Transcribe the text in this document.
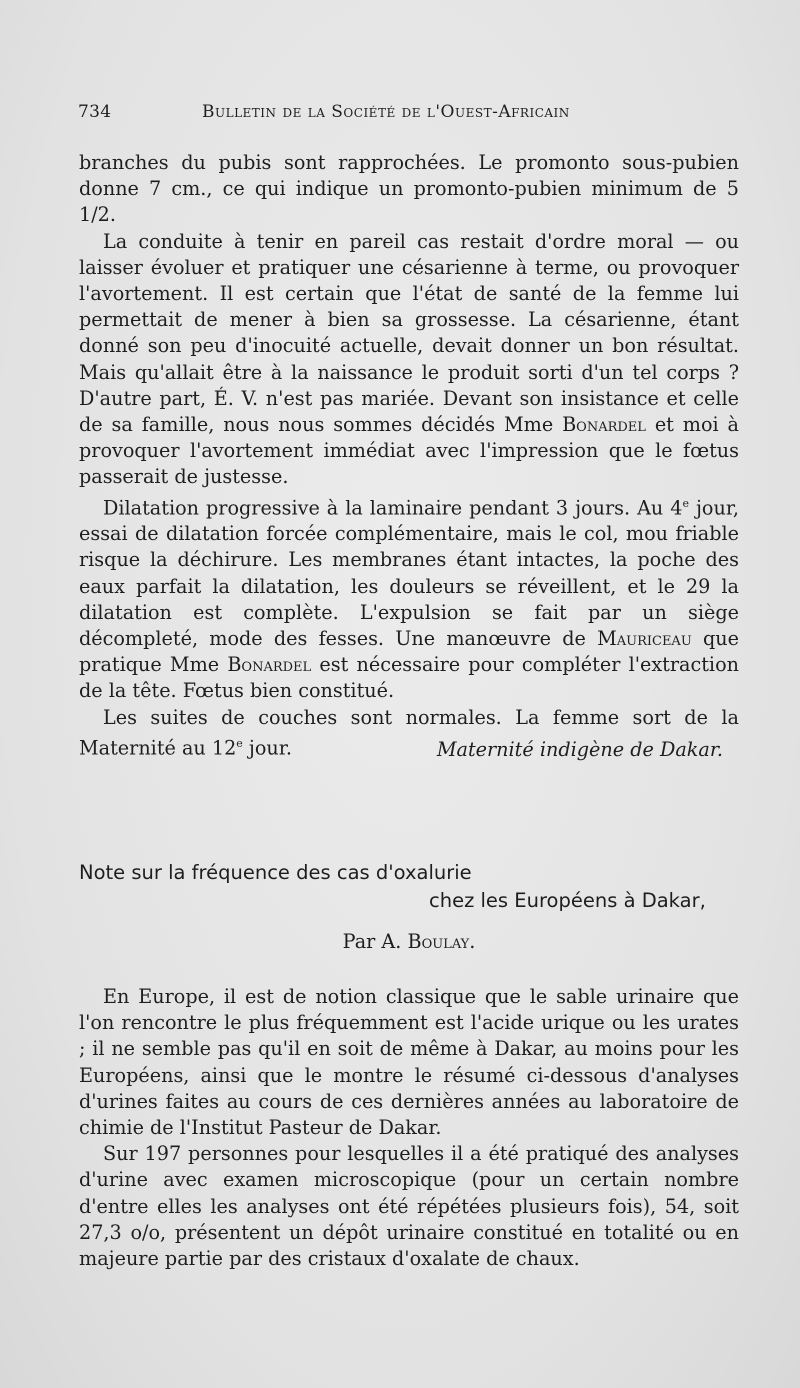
734	Bulletin de la Société de l'Ouest-Africain

branches du pubis sont rapprochées. Le promonto sous-pubien donne 7 cm., ce qui indique un promonto-pubien minimum de 5 1/2.

La conduite à tenir en pareil cas restait d'ordre moral — ou laisser évoluer et pratiquer une césarienne à terme, ou provoquer l'avortement. Il est certain que l'état de santé de la femme lui permettait de mener à bien sa grossesse. La césarienne, étant donné son peu d'inocuité actuelle, devait donner un bon résultat. Mais qu'allait être à la naissance le produit sorti d'un tel corps ? D'autre part, É. V. n'est pas mariée. Devant son insistance et celle de sa famille, nous nous sommes décidés Mme Bonardel et moi à provoquer l'avortement immédiat avec l'impression que le fœtus passerait de justesse.

Dilatation progressive à la laminaire pendant 3 jours. Au 4e jour, essai de dilatation forcée complémentaire, mais le col, mou friable risque la déchirure. Les membranes étant intactes, la poche des eaux parfait la dilatation, les douleurs se réveillent, et le 29 la dilatation est complète. L'expulsion se fait par un siège décompleté, mode des fesses. Une manœuvre de Mauriceau que pratique Mme Bonardel est nécessaire pour compléter l'extraction de la tête. Fœtus bien constitué.

Les suites de couches sont normales. La femme sort de la Maternité au 12e jour.	Maternité indigène de Dakar.
Note sur la fréquence des cas d'oxalurie
chez les Européens à Dakar,
Par A. Boulay.

En Europe, il est de notion classique que le sable urinaire que l'on rencontre le plus fréquemment est l'acide urique ou les urates ; il ne semble pas qu'il en soit de même à Dakar, au moins pour les Européens, ainsi que le montre le résumé ci-dessous d'analyses d'urines faites au cours de ces dernières années au laboratoire de chimie de l'Institut Pasteur de Dakar.

Sur 197 personnes pour lesquelles il a été pratiqué des analyses d'urine avec examen microscopique (pour un certain nombre d'entre elles les analyses ont été répétées plusieurs fois), 54, soit 27,3 o/o, présentent un dépôt urinaire constitué en totalité ou en majeure partie par des cristaux d'oxalate de chaux.
